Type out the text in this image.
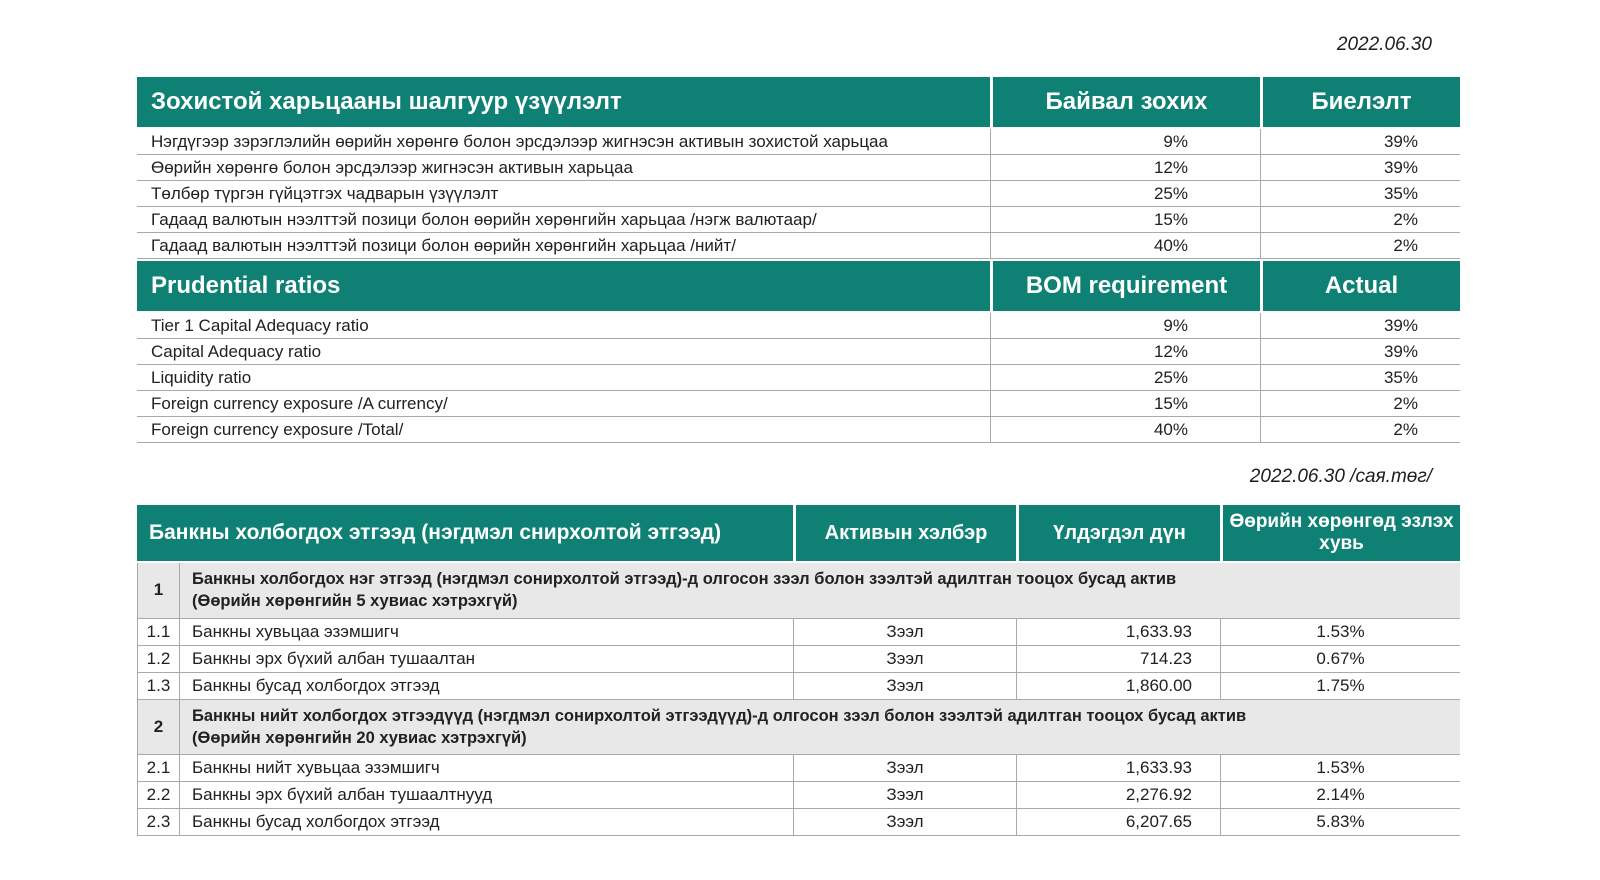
2022.06.30
Зохистой харьцааны шалгуур үзүүлэлт	Байвал зохих	Биелэлт
Нэгдүгээр зэрэглэлийн өөрийн хөрөнгө болон эрсдэлээр жигнэсэн активын зохистой харьцаа	9%	39%
Өөрийн хөрөнгө болон эрсдэлээр жигнэсэн активын харьцаа	12%	39%
Төлбөр түргэн гүйцэтгэх чадварын үзүүлэлт	25%	35%
Гадаад валютын нээлттэй позици болон өөрийн хөрөнгийн харьцаа /нэгж валютаар/	15%	2%
Гадаад валютын нээлттэй позици болон өөрийн хөрөнгийн харьцаа /нийт/	40%	2%
Prudential ratios	BOM requirement	Actual
Tier 1 Capital Adequacy ratio	9%	39%
Capital Adequacy ratio	12%	39%
Liquidity ratio	25%	35%
Foreign currency exposure /A currency/	15%	2%
Foreign currency exposure /Total/	40%	2%
2022.06.30 /сая.төг/
Банкны холбогдох этгээд (нэгдмэл снирхолтой этгээд)		Активын хэлбэр	Үлдэгдэл дүн	Өөрийн хөрөнгөд эзлэх хувь
1	Банкны холбогдох нэг этгээд (нэгдмэл сонирхолтой этгээд)-д олгосон зээл болон зээлтэй адилтган тооцох бусад актив
(Өөрийн хөрөнгийн 5 хувиас хэтрэхгүй)			

1.1	Банкны хувьцаа эзэмшигч	Зээл	1,633.93	1.53%
1.2	Банкны эрх бүхий албан тушаалтан	Зээл	714.23	0.67%
1.3	Банкны бусад холбогдох этгээд	Зээл	1,860.00	1.75%
2	Банкны нийт холбогдох этгээдүүд (нэгдмэл сонирхолтой этгээдүүд)-д олгосон зээл болон зээлтэй адилтган тооцох бусад актив
(Өөрийн хөрөнгийн 20 хувиас хэтрэхгүй)			

2.1	Банкны нийт хувьцаа эзэмшигч	Зээл	1,633.93	1.53%
2.2	Банкны эрх бүхий албан тушаалтнууд	Зээл	2,276.92	2.14%
2.3	Банкны бусад холбогдох этгээд	Зээл	6,207.65	5.83%
